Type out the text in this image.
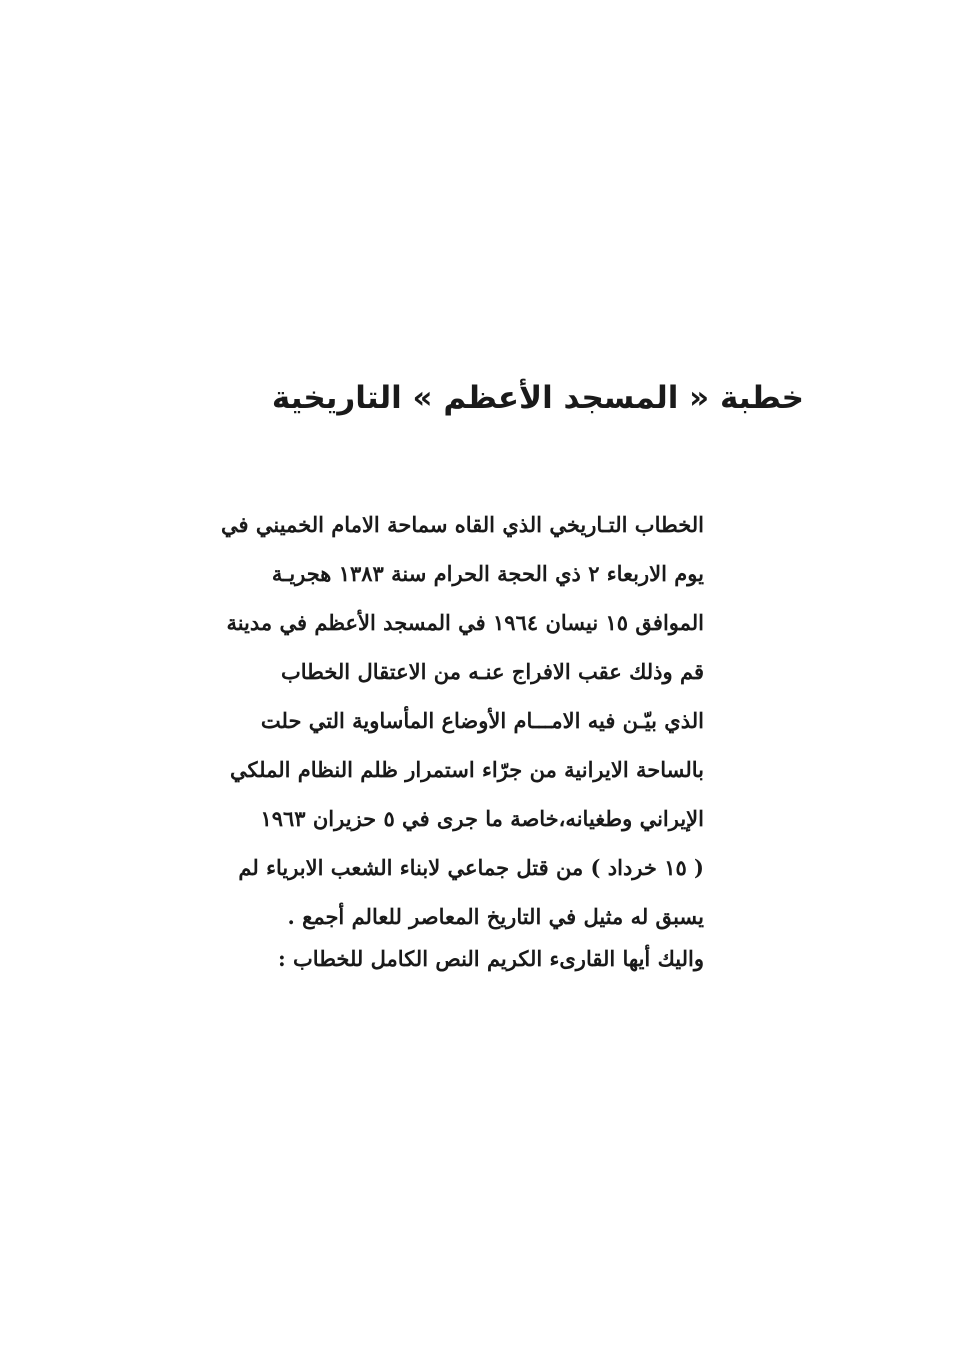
خطبة « المسجد الأعظم » التاريخية
الخطاب التـاريخي الذي القاه سماحة الامام الخميني في
يوم الاربعاء ٢ ذي الحجة الحرام سنة ١٣٨٣ هجريـة
الموافق ١٥ نيسان ١٩٦٤ في المسجد الأعظم في مدينة
قم وذلك عقب الافراج عنـه من الاعتقال الخطاب
الذي بيّـن فيه الامـــام الأوضاع المأساوية التي حلت
بالساحة الايرانية من جرّاء استمرار ظلم النظام الملكي
الإيراني وطغيانه،خاصة ما جرى في ٥ حزيران ١٩٦٣
( ١٥ خرداد ) من قتل جماعي لابناء الشعب الابرياء لم
يسبق له مثيل في التاريخ المعاصر للعالم أجمع .

واليك أيها القارىء الكريم النص الكامل للخطاب :
